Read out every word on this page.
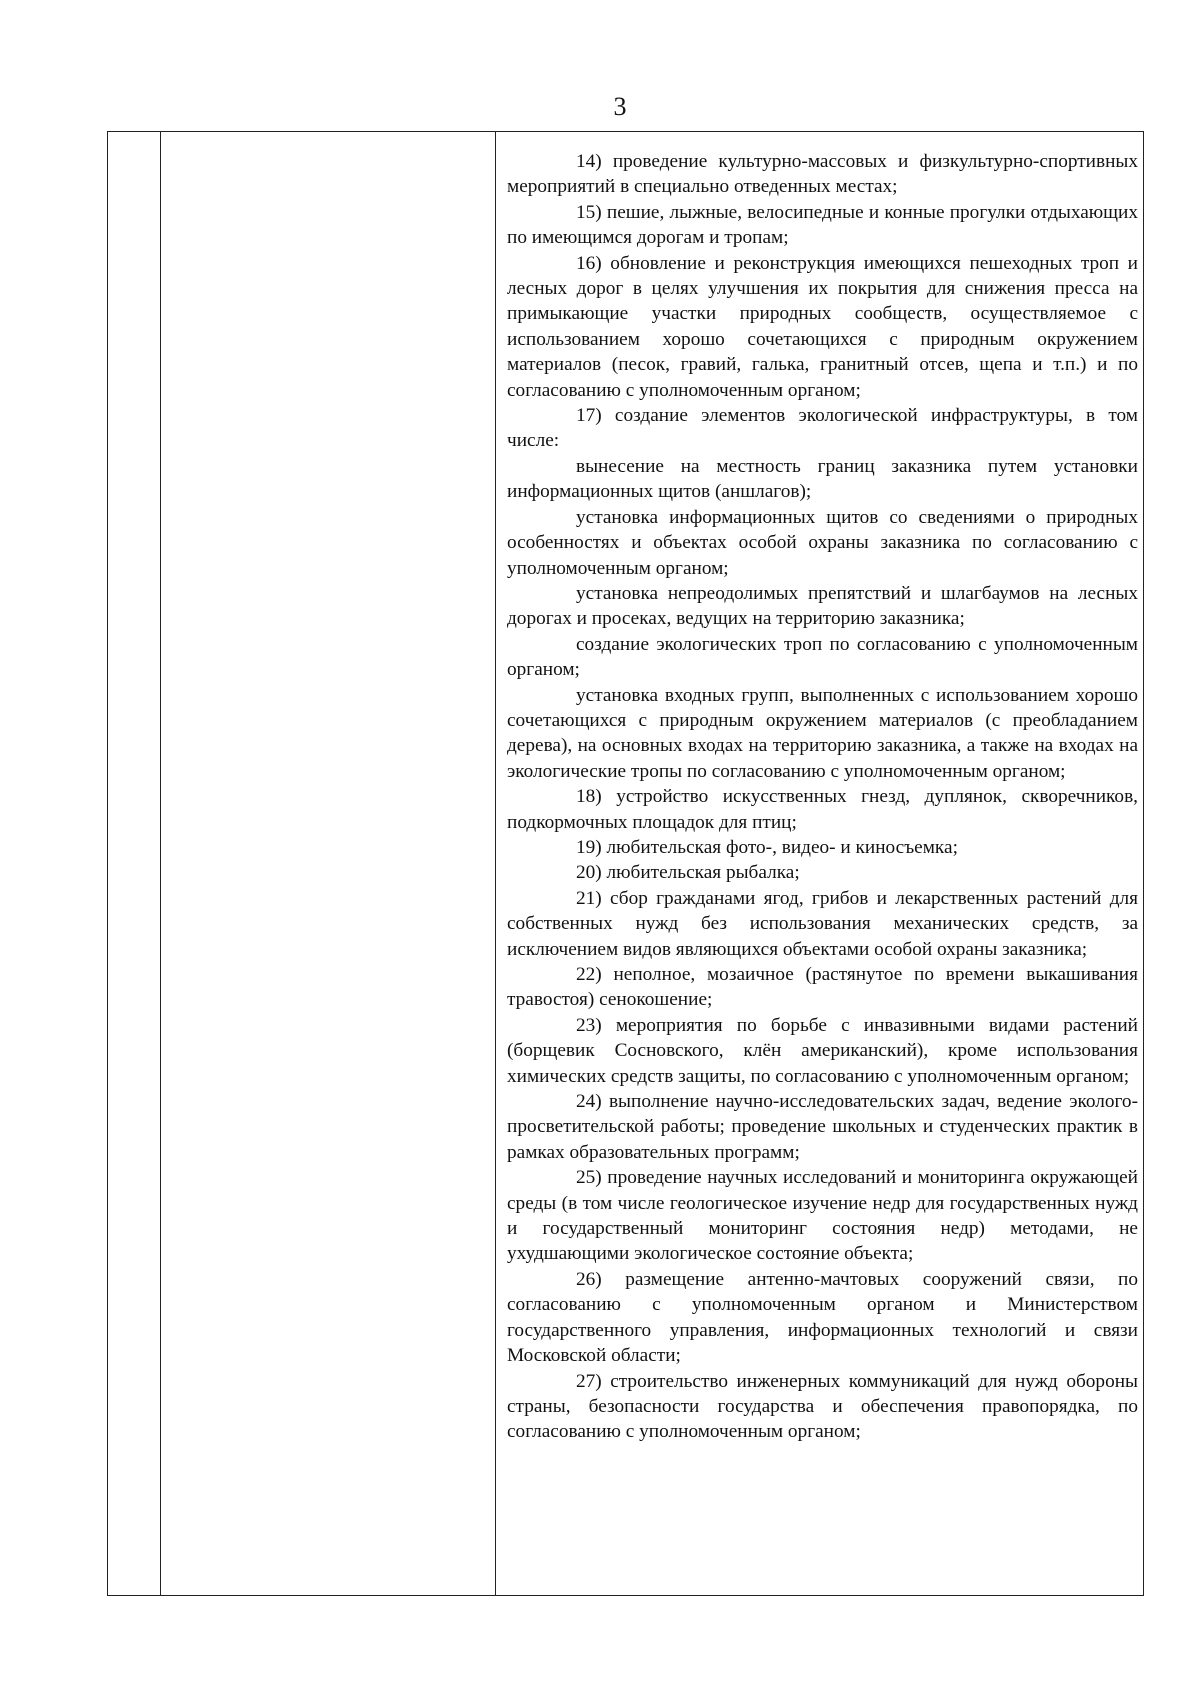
3

14) проведение культурно-массовых и физкультурно-спортивных мероприятий в специально отведенных местах;

15) пешие, лыжные, велосипедные и конные прогулки отдыхающих по имеющимся дорогам и тропам;

16) обновление и реконструкция имеющихся пешеходных троп и лесных дорог в целях улучшения их покрытия для снижения пресса на примыкающие участки природных сообществ, осуществляемое с использованием хорошо сочетающихся с природным окружением материалов (песок, гравий, галька, гранитный отсев, щепа и т.п.) и по согласованию с уполномоченным органом;

17) создание элементов экологической инфраструктуры, в том числе:

вынесение на местность границ заказника путем установки информационных щитов (аншлагов);

установка информационных щитов со сведениями о природных особенностях и объектах особой охраны заказника по согласованию с уполномоченным органом;

установка непреодолимых препятствий и шлагбаумов на лесных дорогах и просеках, ведущих на территорию заказника;

создание экологических троп по согласованию с уполномоченным органом;

установка входных групп, выполненных с использованием хорошо сочетающихся с природным окружением материалов (с преобладанием дерева), на основных входах на территорию заказника, а также на входах на экологические тропы по согласованию с уполномоченным органом;

18) устройство искусственных гнезд, дуплянок, скворечников, подкормочных площадок для птиц;

19) любительская фото-, видео- и киносъемка;

20) любительская рыбалка;

21) сбор гражданами ягод, грибов и лекарственных растений для собственных нужд без использования механических средств, за исключением видов являющихся объектами особой охраны заказника;

22) неполное, мозаичное (растянутое по времени выкашивания травостоя) сенокошение;

23) мероприятия по борьбе с инвазивными видами растений (борщевик Сосновского, клён американский), кроме использования химических средств защиты, по согласованию с уполномоченным органом;

24) выполнение научно-исследовательских задач, ведение эколого-просветительской работы; проведение школьных и студенческих практик в рамках образовательных программ;

25) проведение научных исследований и мониторинга окружающей среды (в том числе геологическое изучение недр для государственных нужд и государственный мониторинг состояния недр) методами, не ухудшающими экологическое состояние объекта;

26) размещение антенно-мачтовых сооружений связи, по согласованию с уполномоченным органом и Министерством государственного управления, информационных технологий и связи Московской области;

27) строительство инженерных коммуникаций для нужд обороны страны, безопасности государства и обеспечения правопорядка, по согласованию с уполномоченным органом;
